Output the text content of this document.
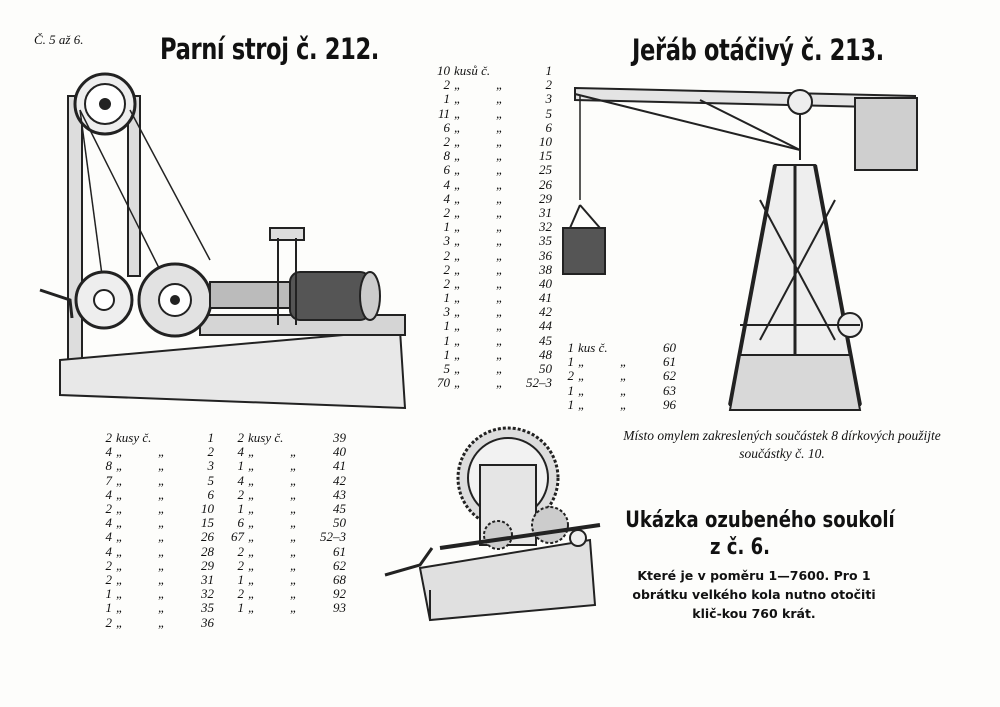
Č. 5 až 6.	Parní stroj č. 212.	Jeřáb otáčivý č. 213.
10	kusů č.		1
2	„	„	2
1	„	„	3
11	„	„	5
6	„	„	6
2	„	„	10
8	„	„	15
6	„	„	25
4	„	„	26
4	„	„	29
2	„	„	31
1	„	„	32
3	„	„	35
2	„	„	36
2	„	„	38
2	„	„	40
1	„	„	41
3	„	„	42
1	„	„	44
1	„	„	45
1	„	„	48
5	„	„	50
70	„	„	52–3
1	kus č.		60
1	„	„	61
2	„	„	62
1	„	„	63
1	„	„	96
2	kusy č.		1
4	„	„	2
8	„	„	3
7	„	„	5
4	„	„	6
2	„	„	10
4	„	„	15
4	„	„	26
4	„	„	28
2	„	„	29
2	„	„	31
1	„	„	32
1	„	„	35
2	„	„	36
2	kusy č.		39
4	„	„	40
1	„	„	41
4	„	„	42
2	„	„	43
1	„	„	45
6	„	„	50
67	„	„	52–3
2	„	„	61
2	„	„	62
1	„	„	68
2	„	„	92
1	„	„	93
Místo omylem zakreslených součástek 8 dírkových použijte součástky č. 10.
Ukázka ozubeného soukolí
z č. 6.
Které je v poměru 1—7600. Pro 1 obrátku velkého kola nutno otočiti klič-kou 760 krát.
